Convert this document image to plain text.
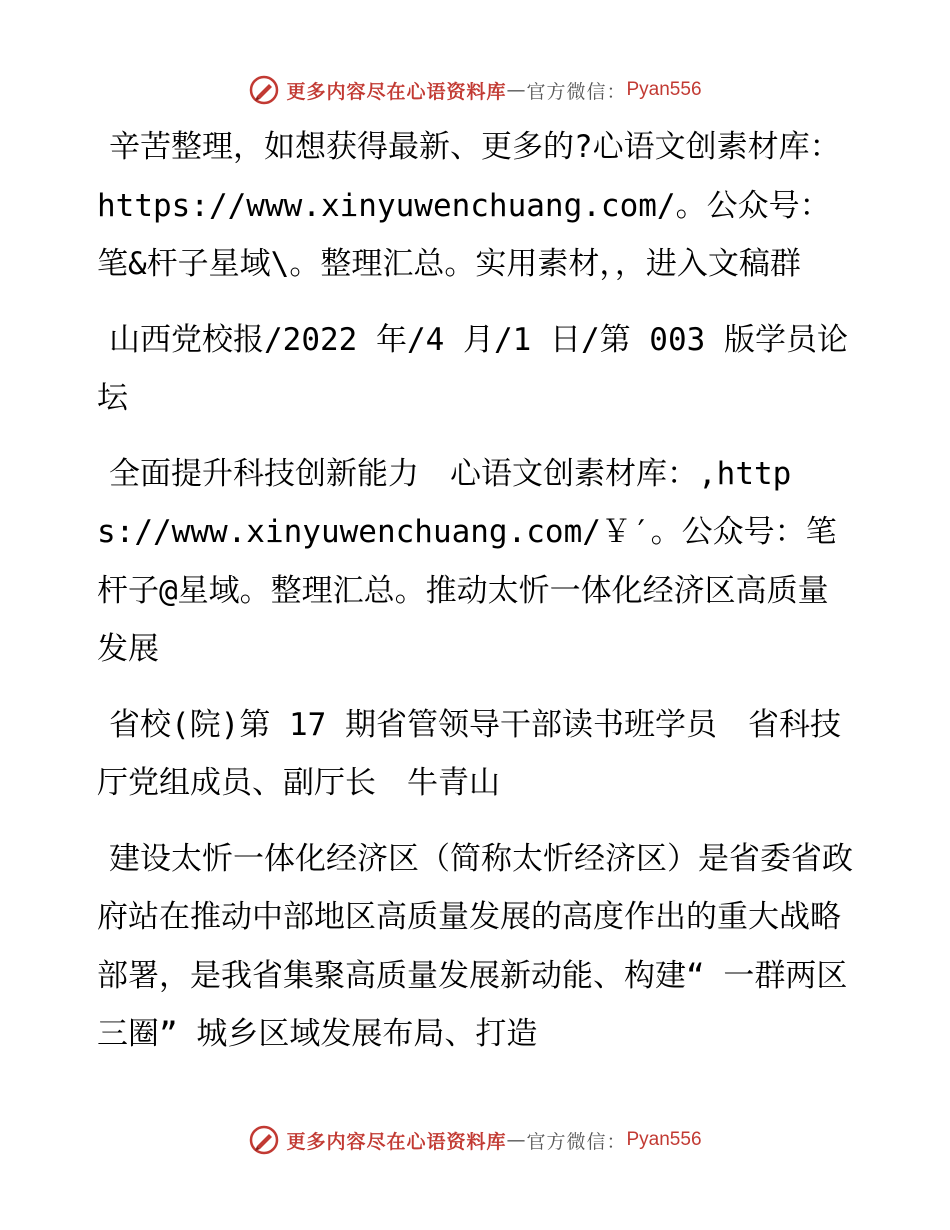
更多内容尽在心语资料库 — 官方微信： Pyan556

辛苦整理，如想获得最新、更多的?心语文创素材库：https://www.xinyuwenchuang.com/。公众号：笔&杆子星域\。整理汇总。实用素材，，进入文稿群

山西党校报/2022 年/4 月/1 日/第 003 版学员论坛

全面提升科技创新能力　心语文创素材库：,https://www.xinyuwenchuang.com/￥′。公众号：笔杆子@星域。整理汇总。推动太忻一体化经济区高质量发展

省校(院)第 17 期省管领导干部读书班学员　省科技厅党组成员、副厅长　牛青山

建设太忻一体化经济区（简称太忻经济区）是省委省政府站在推动中部地区高质量发展的高度作出的重大战略部署，是我省集聚高质量发展新动能、构建“ 一群两区三圈” 城乡区域发展布局、打造

更多内容尽在心语资料库 — 官方微信： Pyan556
